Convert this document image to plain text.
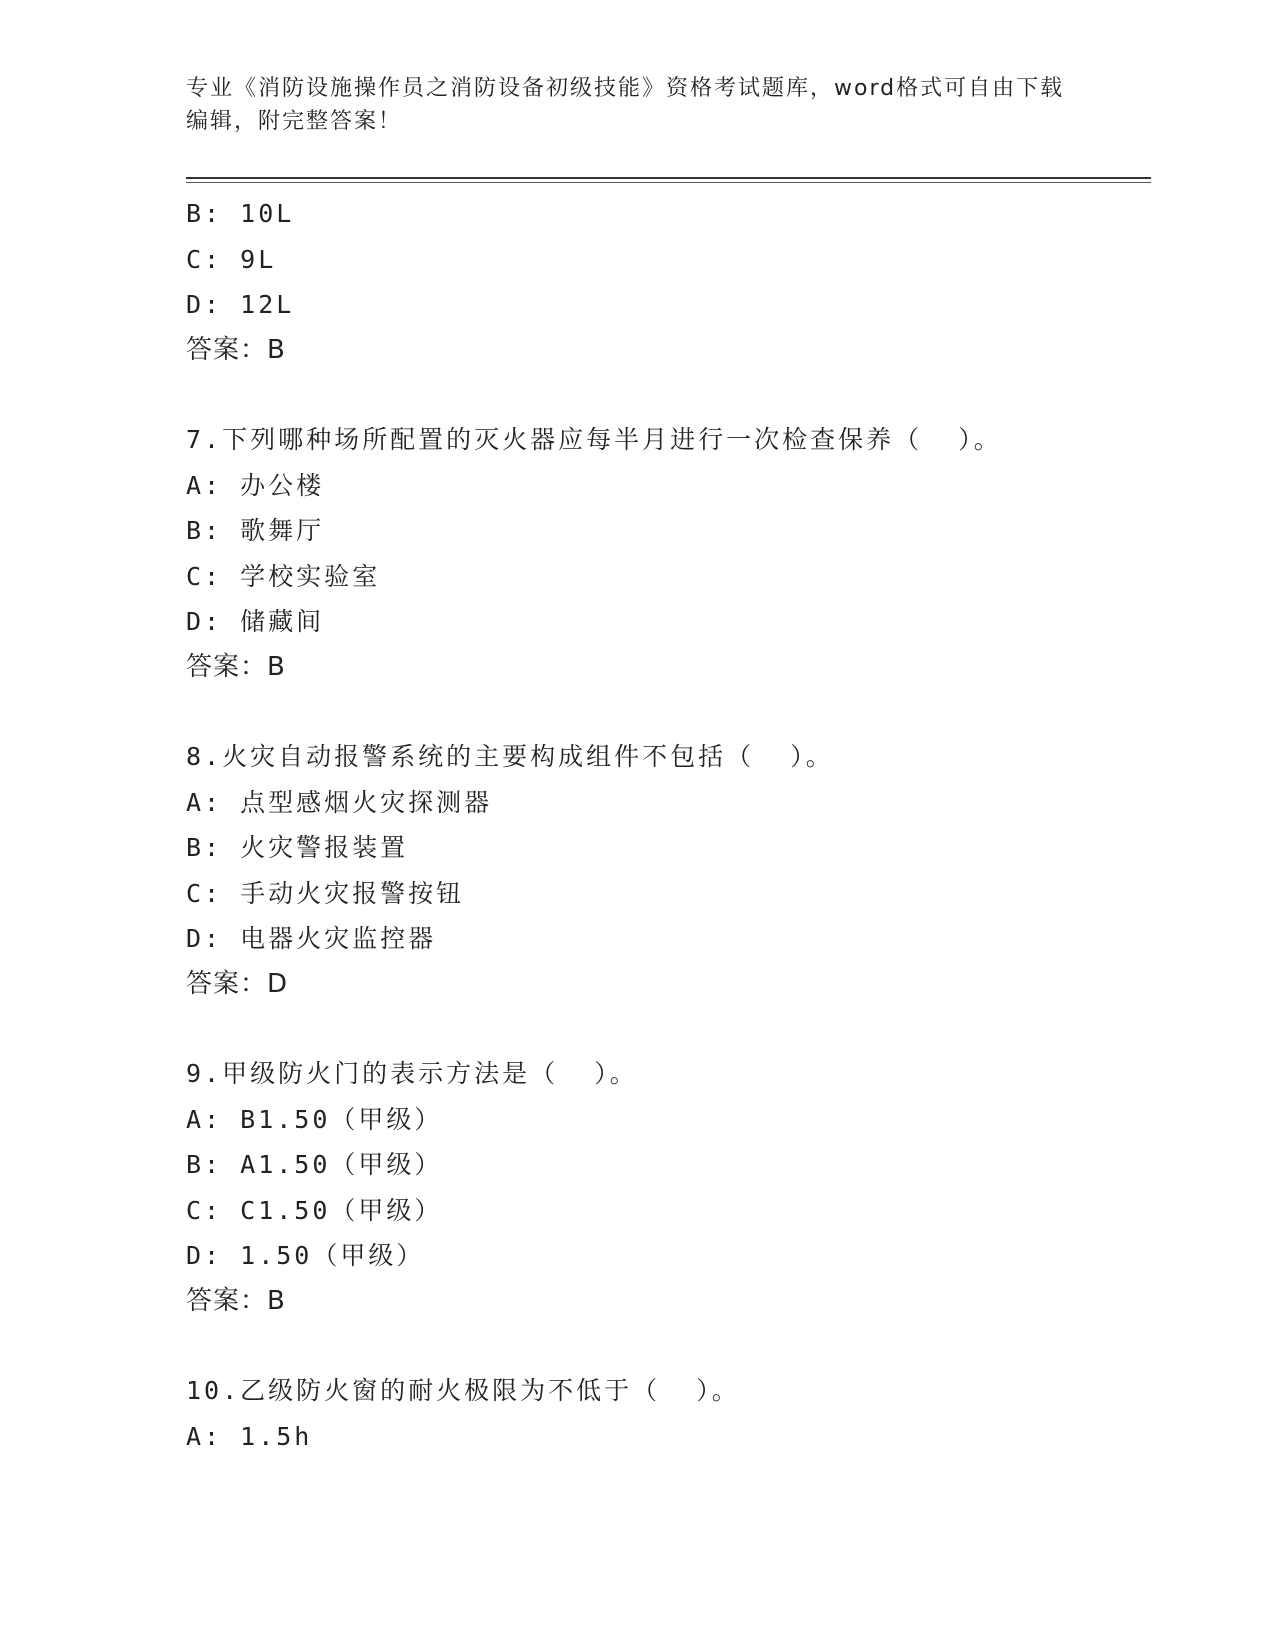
专业《消防设施操作员之消防设备初级技能》资格考试题库，word格式可自由下载编辑，附完整答案！
B: 10L
C: 9L
D: 12L
答案：B
7.下列哪种场所配置的灭火器应每半月进行一次检查保养（  ）。
A: 办公楼
B: 歌舞厅
C: 学校实验室
D: 储藏间
答案：B
8.火灾自动报警系统的主要构成组件不包括（  ）。
A: 点型感烟火灾探测器
B: 火灾警报装置
C: 手动火灾报警按钮
D: 电器火灾监控器
答案：D
9.甲级防火门的表示方法是（  ）。
A: B1.50（甲级）
B: A1.50（甲级）
C: C1.50（甲级）
D: 1.50（甲级）
答案：B
10.乙级防火窗的耐火极限为不低于（  ）。
A: 1.5h
